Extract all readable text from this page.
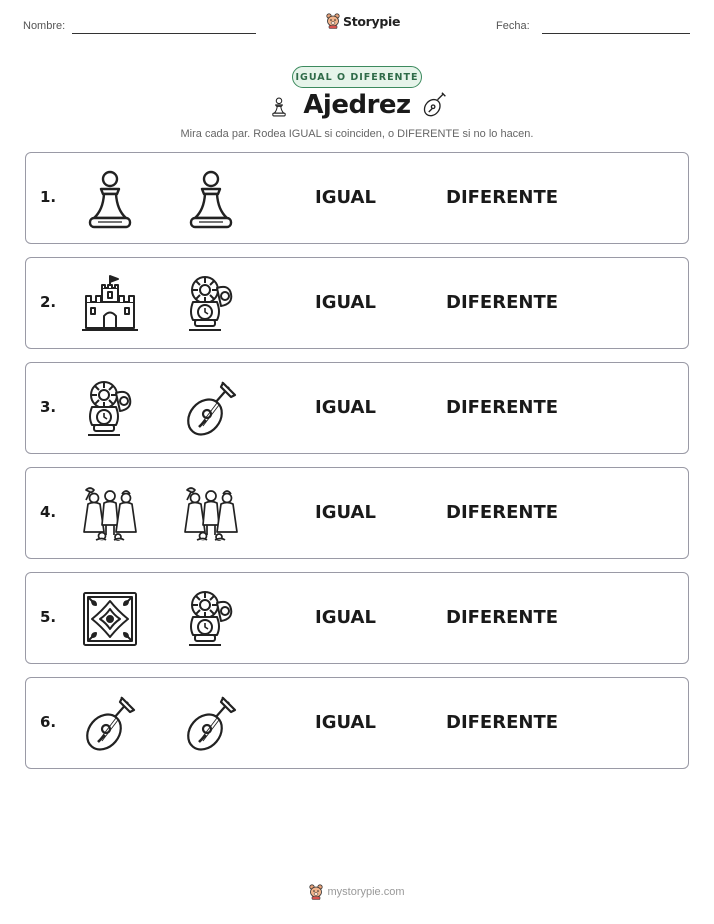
Nombre:	Fecha:
Storypie
IGUAL O DIFERENTE
Ajedrez
Mira cada par. Rodea IGUAL si coinciden, o DIFERENTE si no lo hacen.
1.	IGUAL	DIFERENTE
2.	IGUAL	DIFERENTE
3.	IGUAL	DIFERENTE
4.	IGUAL	DIFERENTE
5.	IGUAL	DIFERENTE
6.	IGUAL	DIFERENTE
mystorypie.com
